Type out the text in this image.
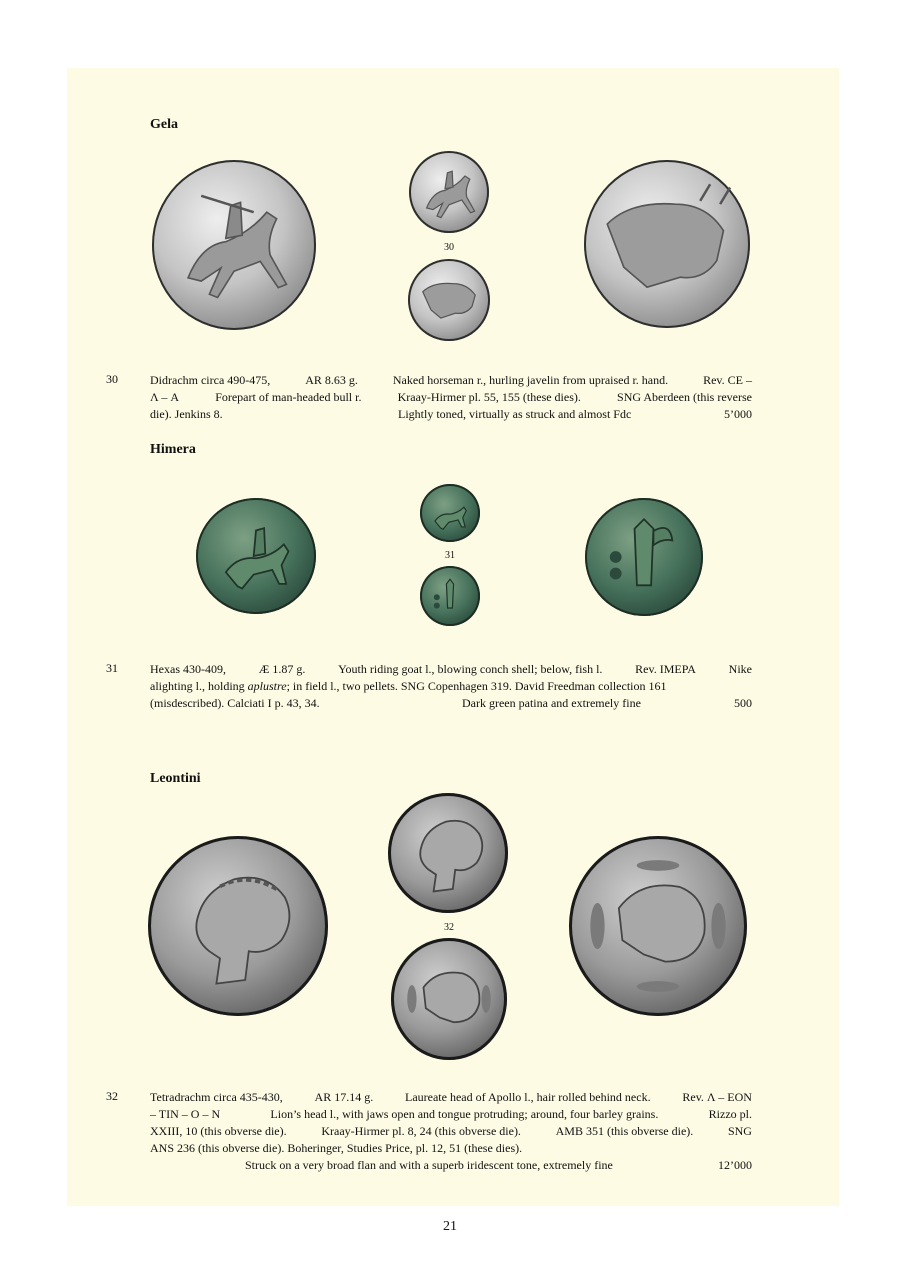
Gela
30
30	Didrachm circa 490-475,	AR 8.63 g.	Naked horseman r., hurling javelin from upraised r. hand.	Rev. CE –
Λ – A	Forepart of man-headed bull r.	Kraay-Hirmer pl. 55, 155 (these dies).	SNG Aberdeen (this reverse
die). Jenkins 8.	Lightly toned, virtually as struck and almost Fdc	5’000
Himera
31
31	Hexas 430-409,	Æ 1.87 g.	Youth riding goat l., blowing conch shell; below, fish l.	Rev. IMEPA	Nike
alighting l., holding aplustre; in field l., two pellets. SNG Copenhagen 319. David Freedman collection 161
(misdescribed). Calciati I p. 43, 34.	Dark green patina and extremely fine	500
Leontini
32
32	Tetradrachm circa 435-430,	AR 17.14 g.	Laureate head of Apollo l., hair rolled behind neck.	Rev. Λ – EON
– TIN – O – N	Lion’s head l., with jaws open and tongue protruding; around, four barley grains.	Rizzo pl.
XXIII, 10 (this obverse die).	Kraay-Hirmer pl. 8, 24 (this obverse die).	AMB 351 (this obverse die).	SNG
ANS 236 (this obverse die). Boheringer, Studies Price, pl. 12, 51 (these dies).
Struck on a very broad flan and with a superb iridescent tone, extremely fine	12’000
21
